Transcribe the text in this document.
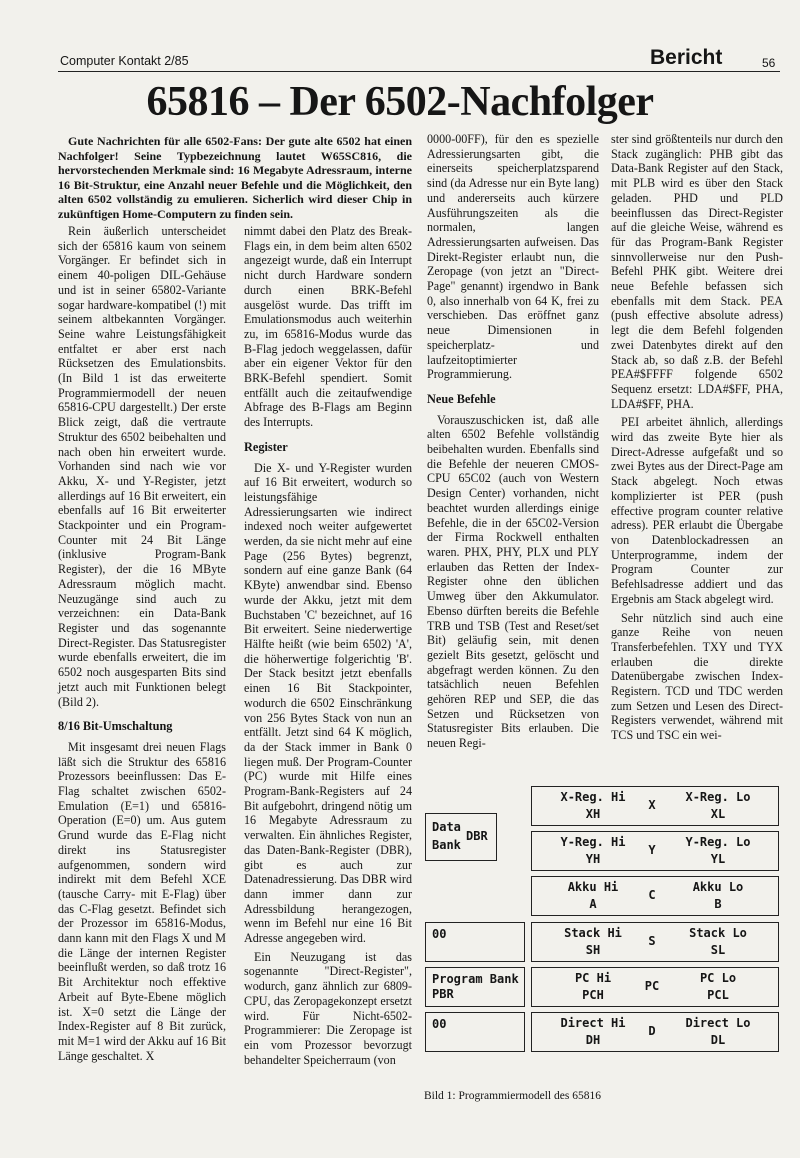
Computer Kontakt 2/85	Bericht	56
65816 – Der 6502-Nachfolger
Gute Nachrichten für alle 6502-Fans: Der gute alte 6502 hat einen Nachfolger! Seine Typbezeichnung lautet W65SC816, die hervorstechenden Merkmale sind: 16 Megabyte Adressraum, interne 16 Bit-Struktur, eine Anzahl neuer Befehle und die Möglichkeit, den alten 6502 vollständig zu emulieren. Sicherlich wird dieser Chip in zukünftigen Home-Computern zu finden sein.

Rein äußerlich unterscheidet sich der 65816 kaum von seinem Vorgänger. Er befindet sich in einem 40-poligen DIL-Gehäuse und ist in seiner 65802-Variante sogar hardware-kompatibel (!) mit seinem altbekannten Vorgänger. Seine wahre Leistungsfähigkeit entfaltet er aber erst nach Rücksetzen des Emulationsbits. (In Bild 1 ist das erweiterte Programmiermodell der neuen 65816-CPU dargestellt.) Der erste Blick zeigt, daß die vertraute Struktur des 6502 beibehalten und nach oben hin erweitert wurde. Vorhanden sind nach wie vor Akku, X- und Y-Register, jetzt allerdings auf 16 Bit erweitert, ein ebenfalls auf 16 Bit erweiterter Stackpointer und ein Program-Counter mit 24 Bit Länge (inklusive Program-Bank Register), der die 16 MByte Adressraum möglich macht. Neuzugänge sind auch zu verzeichnen: ein Data-Bank Register und das sogenannte Direct-Register. Das Statusregister wurde ebenfalls erweitert, die im 6502 noch ausgesparten Bits sind jetzt auch mit Funktionen belegt (Bild 2).

8/16 Bit-Umschaltung

Mit insgesamt drei neuen Flags läßt sich die Struktur des 65816 Prozessors beeinflussen: Das E-Flag schaltet zwischen 6502-Emulation (E=1) und 65816-Operation (E=0) um. Aus gutem Grund wurde das E-Flag nicht direkt ins Statusregister aufgenommen, sondern wird indirekt mit dem Befehl XCE (tausche Carry- mit E-Flag) über das C-Flag gesetzt. Befindet sich der Prozessor im 65816-Modus, dann kann mit den Flags X und M die Länge der internen Register beeinflußt werden, so daß trotz 16 Bit Architektur noch effektive Arbeit auf Byte-Ebene möglich ist. X=0 setzt die Länge der Index-Register auf 8 Bit zurück, mit M=1 wird der Akku auf 16 Bit Länge geschaltet. X

nimmt dabei den Platz des Break-Flags ein, in dem beim alten 6502 angezeigt wurde, daß ein Interrupt nicht durch Hardware sondern durch einen BRK-Befehl ausgelöst wurde. Das trifft im Emulationsmodus auch weiterhin zu, im 65816-Modus wurde das B-Flag jedoch weggelassen, dafür aber ein eigener Vektor für den BRK-Befehl spendiert. Somit entfällt auch die zeitaufwendige Abfrage des B-Flags am Beginn des Interrupts.

Register

Die X- und Y-Register wurden auf 16 Bit erweitert, wodurch so leistungsfähige Adressierungsarten wie indirect indexed noch weiter aufgewertet werden, da sie nicht mehr auf eine Page (256 Bytes) begrenzt, sondern auf eine ganze Bank (64 KByte) anwendbar sind. Ebenso wurde der Akku, jetzt mit dem Buchstaben 'C' bezeichnet, auf 16 Bit erweitert. Seine niederwertige Hälfte heißt (wie beim 6502) 'A', die höherwertige folgerichtig 'B'. Der Stack besitzt jetzt ebenfalls einen 16 Bit Stackpointer, wodurch die 6502 Einschränkung von 256 Bytes Stack von nun an entfällt. Jetzt sind 64 K möglich, da der Stack immer in Bank 0 liegen muß. Der Program-Counter (PC) wurde mit Hilfe eines Program-Bank-Registers auf 24 Bit aufgebohrt, dringend nötig um 16 Megabyte Adressraum zu verwalten. Ein ähnliches Register, das Daten-Bank-Register (DBR), gibt es auch zur Datenadressierung. Das DBR wird dann immer dann zur Adressbildung herangezogen, wenn im Befehl nur eine 16 Bit Adresse angegeben wird.

Ein Neuzugang ist das sogenannte "Direct-Register", wodurch, ganz ähnlich zur 6809-CPU, das Zeropagekonzept ersetzt wird. Für Nicht-6502-Programmierer: Die Zeropage ist ein vom Prozessor bevorzugt behandelter Speicherraum (von

0000-00FF), für den es spezielle Adressierungsarten gibt, die einerseits speicherplatzsparend sind (da Adresse nur ein Byte lang) und andererseits auch kürzere Ausführungszeiten als die normalen, langen Adressierungsarten aufweisen. Das Direkt-Register erlaubt nun, die Zeropage (von jetzt an "Direct-Page" genannt) irgendwo in Bank 0, also innerhalb von 64 K, frei zu verschieben. Das eröffnet ganz neue Dimensionen in speicherplatz- und laufzeitoptimierter Programmierung.

Neue Befehle

Vorauszuschicken ist, daß alle alten 6502 Befehle vollständig beibehalten wurden. Ebenfalls sind die Befehle der neueren CMOS-CPU 65C02 (auch von Western Design Center) vorhanden, nicht beachtet wurden allerdings einige Befehle, die in der 65C02-Version der Firma Rockwell enthalten waren. PHX, PHY, PLX und PLY erlauben das Retten der Index-Register ohne den üblichen Umweg über den Akkumulator. Ebenso dürften bereits die Befehle TRB und TSB (Test and Reset/set Bit) geläufig sein, mit denen gezielt Bits gesetzt, gelöscht und abgefragt werden können. Zu den tatsächlich neuen Befehlen gehören REP und SEP, die das Setzen und Rücksetzen von Statusregister Bits erlauben. Die neuen Regi-

ster sind größtenteils nur durch den Stack zugänglich: PHB gibt das Data-Bank Register auf den Stack, mit PLB wird es über den Stack geladen. PHD und PLD beeinflussen das Direct-Register auf die gleiche Weise, während es für das Program-Bank Register sinnvollerweise nur den Push-Befehl PHK gibt. Weitere drei neue Befehle befassen sich ebenfalls mit dem Stack. PEA (push effective absolute adress) legt die dem Befehl folgenden zwei Datenbytes direkt auf den Stack ab, so daß z.B. der Befehl PEA#$FFFF folgende 6502 Sequenz ersetzt: LDA#$FF, PHA, LDA#$FF, PHA.

PEI arbeitet ähnlich, allerdings wird das zweite Byte hier als Direct-Adresse aufgefaßt und so zwei Bytes aus der Direct-Page am Stack abgelegt. Noch etwas komplizierter ist PER (push effective program counter relative adress). PER erlaubt die Übergabe von Datenblockadressen an Unterprogramme, indem der Program Counter zur Befehlsadresse addiert und das Ergebnis am Stack abgelegt wird.

Sehr nützlich sind auch eine ganze Reihe von neuen Transferbefehlen. TXY und TYX erlauben die direkte Datenübergabe zwischen Index-Registern. TCD und TDC werden zum Setzen und Lesen des Direct-Registers verwendet, während mit TCS und TSC ein wei-

Data
Bank
DBR
X-Reg. Hi
XH
X
X-Reg. Lo
XL
Y-Reg. Hi
YH
Y
Y-Reg. Lo
YL
Akku Hi
A
C
Akku Lo
B
Stack Hi
SH
S
Stack Lo
SL
00
PC Hi
PCH
PC
PC Lo
PCL
Program Bank PBR
Direct Hi
DH
D
Direct Lo
DL
00
Bild 1: Programmiermodell des 65816
